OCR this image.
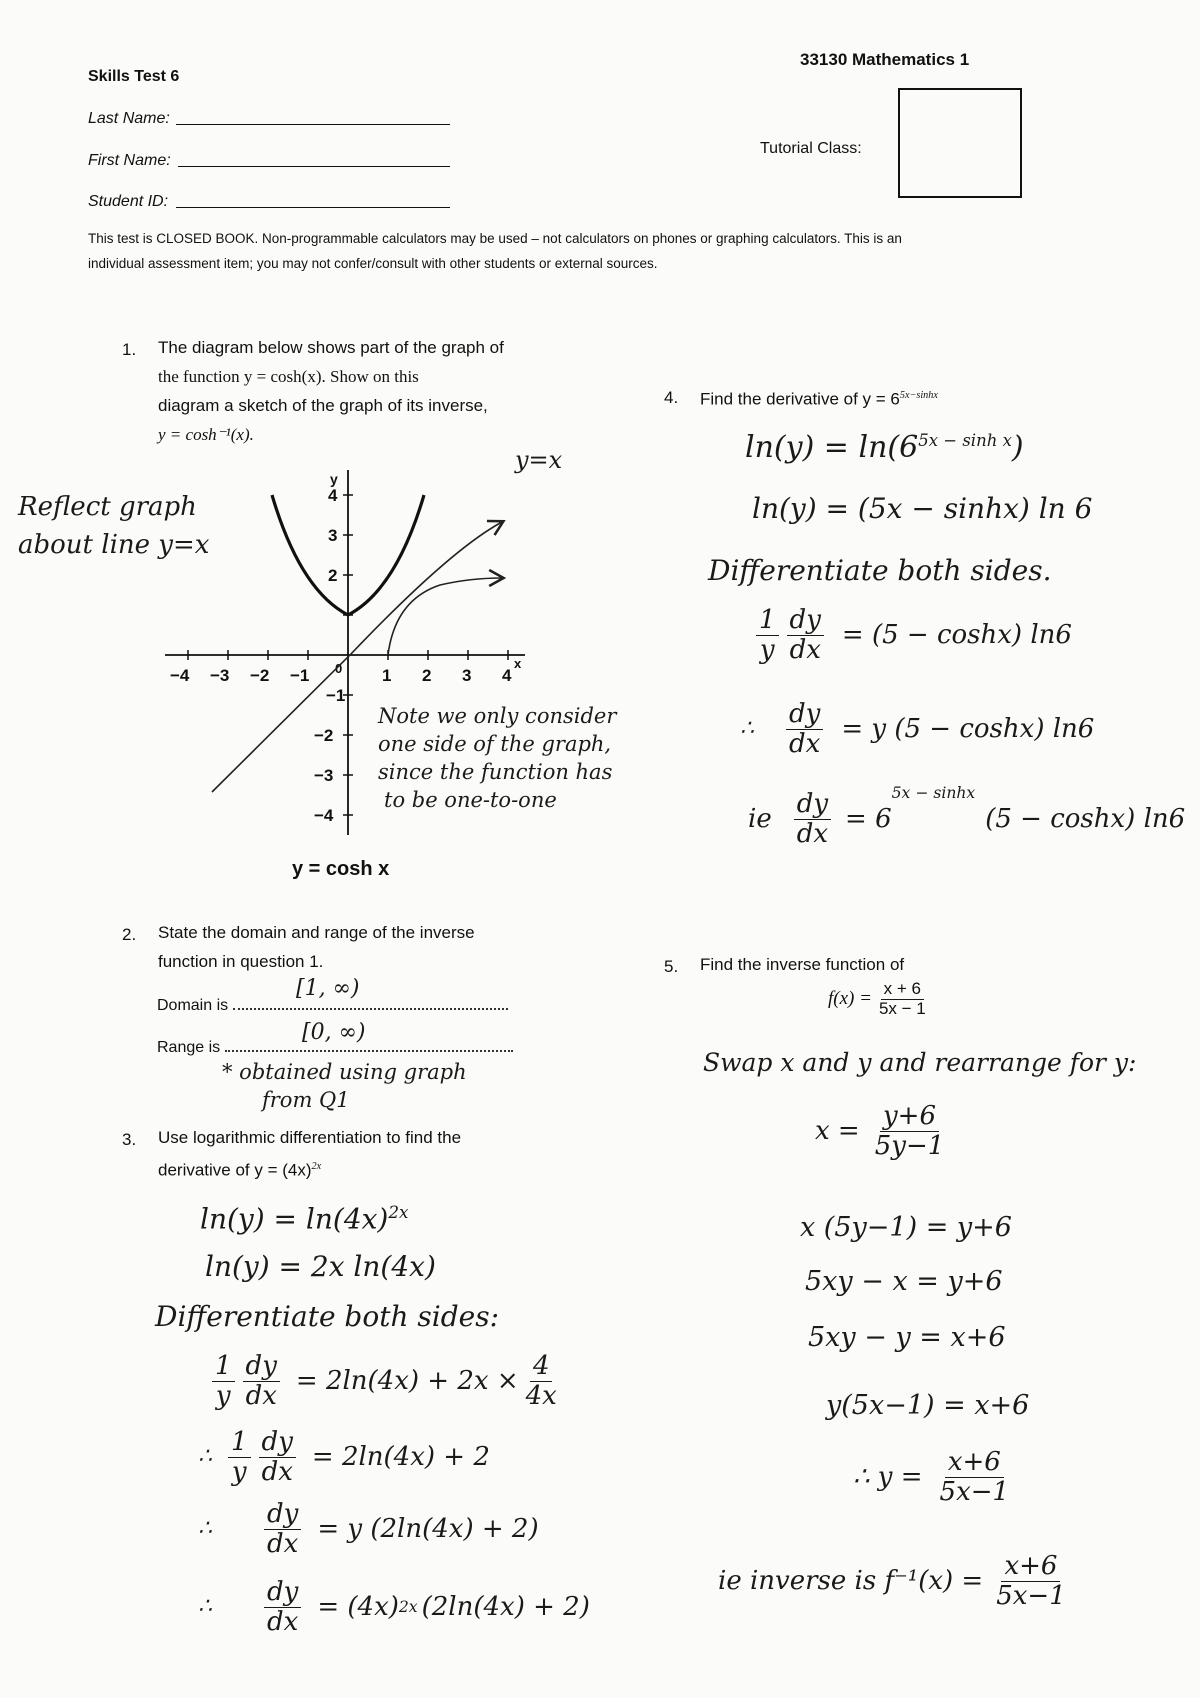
Skills Test 6
33130 Mathematics 1
Last Name:
First Name:
Student ID:
Tutorial Class:
This test is CLOSED BOOK. Non-programmable calculators may be used – not calculators on phones or graphing calculators. This is an
individual assessment item; you may not confer/consult with other students or external sources.
1. The diagram below shows part of the graph of
the function y = cosh(x). Show on this
diagram a sketch of the graph of its inverse,
y = cosh⁻¹(x).
Reflect graph
about line y=x
−4 −3 −2 −1 0 1 2 3 4
x
4
3
2
−1
−2
−3
−4
y
y=x
Note we only consider
one side of the graph,
since the function has
to be one-to-one
y = cosh x
2. State the domain and range of the inverse
function in question 1.
Domain is
[1, ∞)
Range is
[0, ∞)
* obtained using graph
from Q1
3. Use logarithmic differentiation to find the
derivative of $y = (4x)^{2x}$
$\ln(y) = \ln(4x)^{2x}$
ln(y) = 2x ln(4x)
Differentiate both sides:
$\frac{1}{y} \frac{dy}{dx} = 2\ln(4x) + 2x \times \frac{4}{4x}$
∴ $\frac{1}{y} \frac{dy}{dx} = 2\ln(4x) + 2$
∴	$\frac{dy}{dx} = y$ (2ln(4x) + 2)
∴	$\frac{dy}{dx} = (4x)$ 2x (2ln(4x) + 2)
4. Find the derivative of $y = 6^{5x-sinhx}$
$\ln(y) = \ln(6^{5x - sinh x})$
ln(y) = (5x − sinhx) ln 6
Differentiate both sides.
$\frac{1}{y} \frac{dy}{dx} = (5 - \cosh x)$ ln6
∴	$\frac{dy}{dx} = y$ (5 − coshx) ln6
ie $\frac{dy}{dx} = 6$
$^{5x - sinhx}$
(5 − coshx) ln6
5. Find the inverse function of
$f(x) = \frac{x + 6}{5x - 1}$
Swap x and y and rearrange for y:
$x = \frac{y+6}{5y-1}$
x (5y−1) = y+6
5xy − x = y+6
5xy − y = x+6
y(5x−1) = x+6
∴ $y = \frac{x+6}{5x-1}$
ie inverse is $f^{-1}(x) = \frac{x+6}{5x-1}$
